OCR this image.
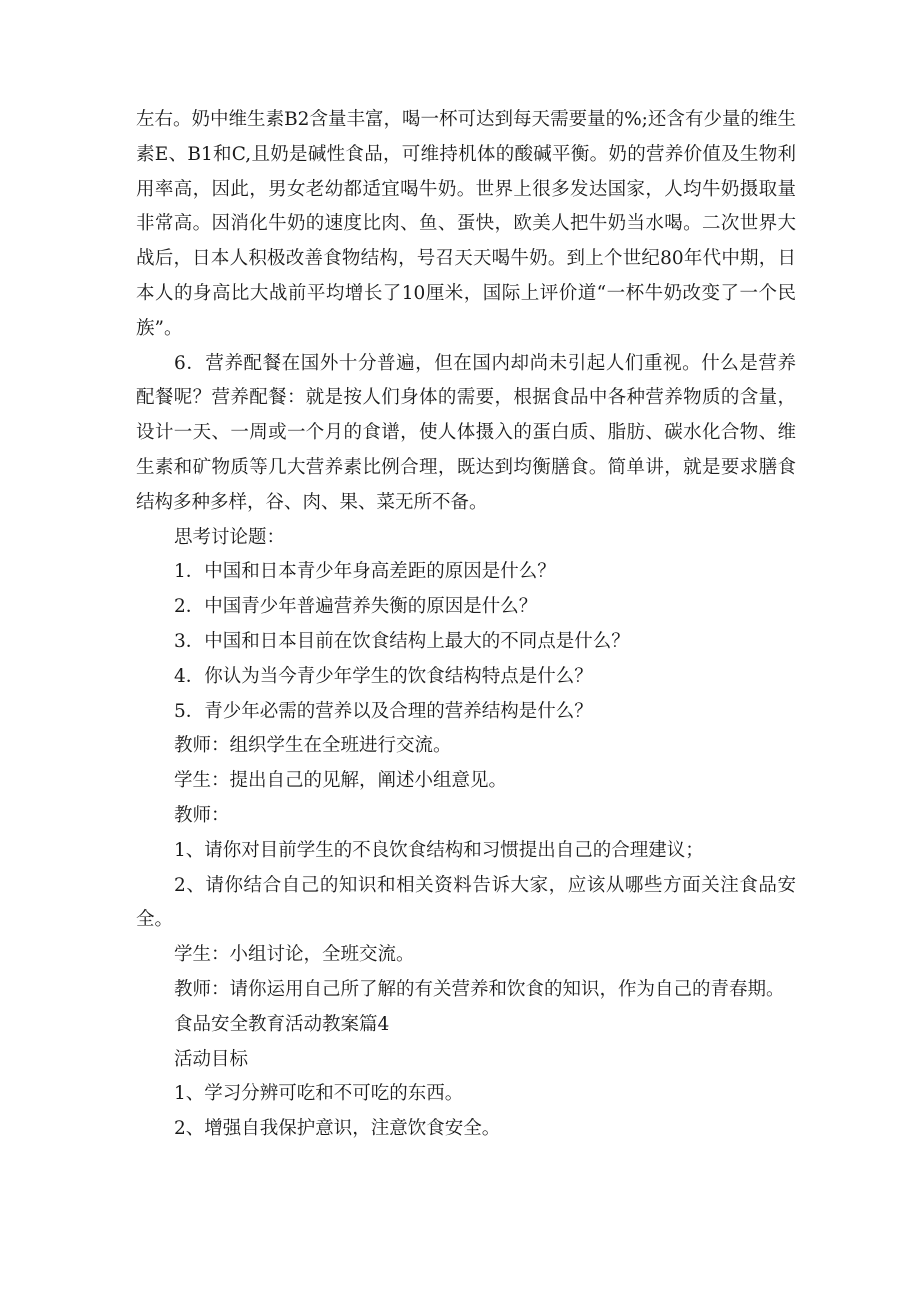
左右。奶中维生素B2含量丰富，喝一杯可达到每天需要量的%;还含有少量的维生素E、B1和C,且奶是碱性食品，可维持机体的酸碱平衡。奶的营养价值及生物利用率高，因此，男女老幼都适宜喝牛奶。世界上很多发达国家，人均牛奶摄取量非常高。因消化牛奶的速度比肉、鱼、蛋快，欧美人把牛奶当水喝。二次世界大战后，日本人积极改善食物结构，号召天天喝牛奶。到上个世纪80年代中期，日本人的身高比大战前平均增长了10厘米，国际上评价道“一杯牛奶改变了一个民族”。

6．营养配餐在国外十分普遍，但在国内却尚未引起人们重视。什么是营养配餐呢？营养配餐：就是按人们身体的需要，根据食品中各种营养物质的含量，设计一天、一周或一个月的食谱，使人体摄入的蛋白质、脂肪、碳水化合物、维生素和矿物质等几大营养素比例合理，既达到均衡膳食。简单讲，就是要求膳食结构多种多样，谷、肉、果、菜无所不备。

思考讨论题：

1．中国和日本青少年身高差距的原因是什么？

2．中国青少年普遍营养失衡的原因是什么？

3．中国和日本目前在饮食结构上最大的不同点是什么？

4．你认为当今青少年学生的饮食结构特点是什么？

5．青少年必需的营养以及合理的营养结构是什么？

教师：组织学生在全班进行交流。

学生：提出自己的见解，阐述小组意见。

教师：

1、请你对目前学生的不良饮食结构和习惯提出自己的合理建议；

2、请你结合自己的知识和相关资料告诉大家，应该从哪些方面关注食品安全。

学生：小组讨论，全班交流。

教师：请你运用自己所了解的有关营养和饮食的知识，作为自己的青春期。

食品安全教育活动教案篇4

活动目标

1、学习分辨可吃和不可吃的东西。

2、增强自我保护意识，注意饮食安全。
